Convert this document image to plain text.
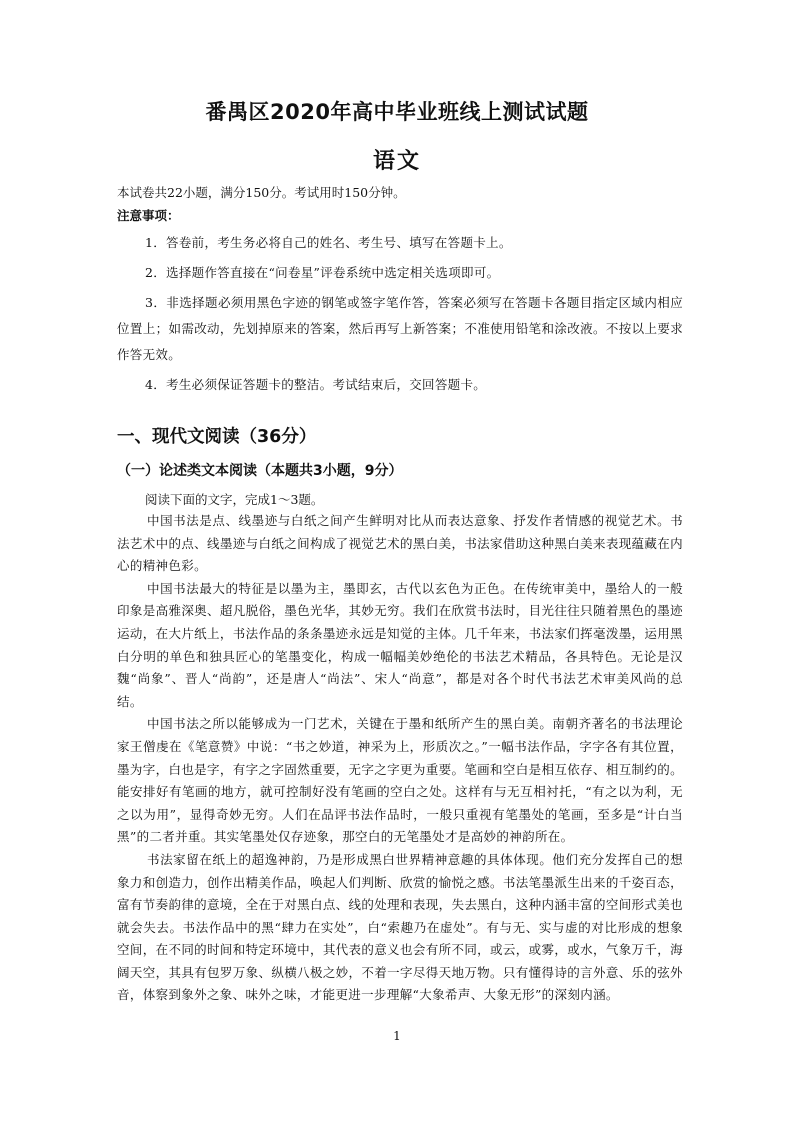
番禺区2020年高中毕业班线上测试试题
语文
本试卷共22小题，满分150分。考试用时150分钟。
注意事项：

1．答卷前，考生务必将自己的姓名、考生号、填写在答题卡上。

2．选择题作答直接在“问卷星”评卷系统中选定相关选项即可。

3．非选择题必须用黑色字迹的钢笔或签字笔作答，答案必须写在答题卡各题目指定区域内相应位置上；如需改动，先划掉原来的答案，然后再写上新答案；不准使用铅笔和涂改液。不按以上要求作答无效。

4．考生必须保证答题卡的整洁。考试结束后，交回答题卡。

一、现代文阅读（36分）
（一）论述类文本阅读（本题共3小题，9分）
阅读下面的文字，完成1～3题。

中国书法是点、线墨迹与白纸之间产生鲜明对比从而表达意象、抒发作者情感的视觉艺术。书法艺术中的点、线墨迹与白纸之间构成了视觉艺术的黑白美，书法家借助这种黑白美来表现蕴藏在内心的精神色彩。

中国书法最大的特征是以墨为主，墨即玄，古代以玄色为正色。在传统审美中，墨给人的一般印象是高雅深奥、超凡脱俗，墨色光华，其妙无穷。我们在欣赏书法时，目光往往只随着黑色的墨迹运动，在大片纸上，书法作品的条条墨迹永远是知觉的主体。几千年来，书法家们挥毫泼墨，运用黑白分明的单色和独具匠心的笔墨变化，构成一幅幅美妙绝伦的书法艺术精品，各具特色。无论是汉魏“尚象”、晋人“尚韵”，还是唐人“尚法”、宋人“尚意”，都是对各个时代书法艺术审美风尚的总结。

中国书法之所以能够成为一门艺术，关键在于墨和纸所产生的黑白美。南朝齐著名的书法理论家王僧虔在《笔意赞》中说：“书之妙道，神采为上，形质次之。”一幅书法作品，字字各有其位置，墨为字，白也是字，有字之字固然重要，无字之字更为重要。笔画和空白是相互依存、相互制约的。能安排好有笔画的地方，就可控制好没有笔画的空白之处。这样有与无互相衬托，“有之以为利，无之以为用”，显得奇妙无穷。人们在品评书法作品时，一般只重视有笔墨处的笔画，至多是“计白当黑”的二者并重。其实笔墨处仅存迹象，那空白的无笔墨处才是高妙的神韵所在。

书法家留在纸上的超逸神韵，乃是形成黑白世界精神意趣的具体体现。他们充分发挥自己的想象力和创造力，创作出精美作品，唤起人们判断、欣赏的愉悦之感。书法笔墨派生出来的千姿百态，富有节奏韵律的意境，全在于对黑白点、线的处理和表现，失去黑白，这种内涵丰富的空间形式美也就会失去。书法作品中的黑“肆力在实处”，白“索趣乃在虚处”。有与无、实与虚的对比形成的想象空间，在不同的时间和特定环境中，其代表的意义也会有所不同，或云，或雾，或水，气象万千，海阔天空，其具有包罗万象、纵横八极之妙，不着一字尽得天地万物。只有懂得诗的言外意、乐的弦外音，体察到象外之象、味外之味，才能更进一步理解“大象希声、大象无形”的深刻内涵。

1
